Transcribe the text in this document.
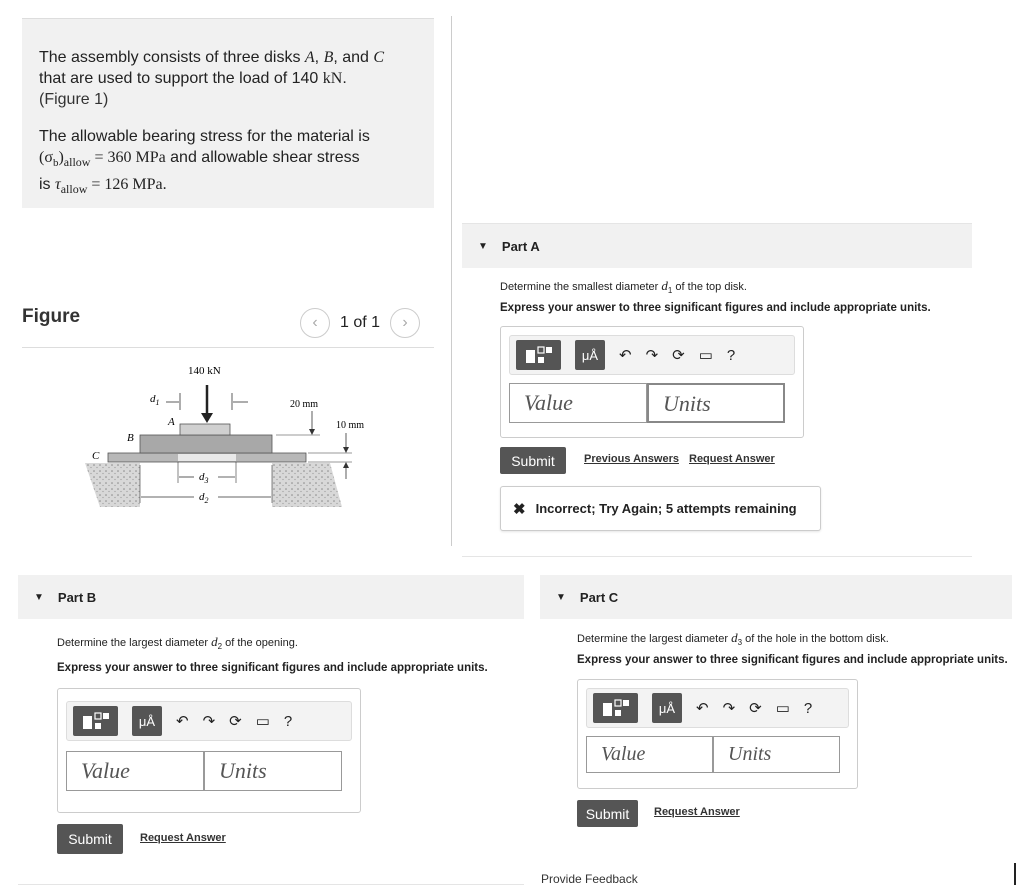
The assembly consists of three disks A, B, and C
that are used to support the load of 140 kN.
(Figure 1)

The allowable bearing stress for the material is
$(\sigma_b)_{allow} = 360$ MPa and allowable shear stress
is $\tau_{allow} = 126$ MPa.

Figure	‹ 1 of 1 ›
140 kN
$d_1$
A
B
C
20 mm
10 mm
$d_3$
$d_2$
▼ Part A
Determine the smallest diameter $d_1$ of the top disk.
Express your answer to three significant figures and include appropriate units.
μÅ	↶ ↷ ⟳ ▭ ?
Value	Units
Submit	Previous Answers Request Answer
✖ Incorrect; Try Again; 5 attempts remaining
▼ Part B
Determine the largest diameter $d_2$ of the opening.
Express your answer to three significant figures and include appropriate units.
μÅ	↶ ↷ ⟳ ▭ ?
Value	Units
Submit	Request Answer
▼ Part C
Determine the largest diameter $d_3$ of the hole in the bottom disk.
Express your answer to three significant figures and include appropriate units.
μÅ	↶ ↷ ⟳ ▭ ?
Value	Units
Submit	Request Answer
Provide Feedback
